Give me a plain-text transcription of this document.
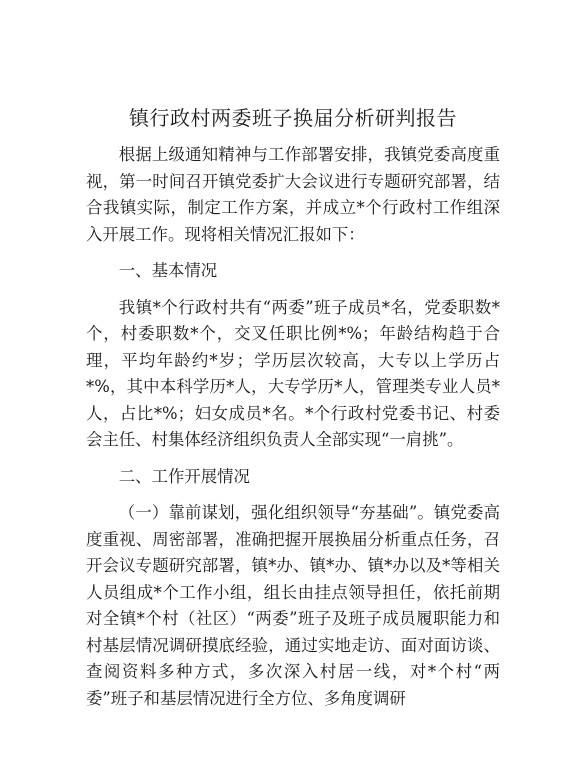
镇行政村两委班子换届分析研判报告

根据上级通知精神与工作部署安排，我镇党委高度重视，第一时间召开镇党委扩大会议进行专题研究部署，结合我镇实际，制定工作方案，并成立*个行政村工作组深入开展工作。现将相关情况汇报如下：

一、基本情况

我镇*个行政村共有“两委”班子成员*名，党委职数*个，村委职数*个，交叉任职比例*%；年龄结构趋于合理，平均年龄约*岁；学历层次较高，大专以上学历占*%，其中本科学历*人，大专学历*人，管理类专业人员*人，占比*%；妇女成员*名。*个行政村党委书记、村委会主任、村集体经济组织负责人全部实现“一肩挑”。

二、工作开展情况

（一）靠前谋划，强化组织领导“夯基础”。镇党委高度重视、周密部署，准确把握开展换届分析重点任务，召开会议专题研究部署，镇*办、镇*办、镇*办以及*等相关人员组成*个工作小组，组长由挂点领导担任，依托前期对全镇*个村（社区）“两委”班子及班子成员履职能力和村基层情况调研摸底经验，通过实地走访、面对面访谈、查阅资料多种方式，多次深入村居一线，对*个村“两委”班子和基层情况进行全方位、多角度调研
